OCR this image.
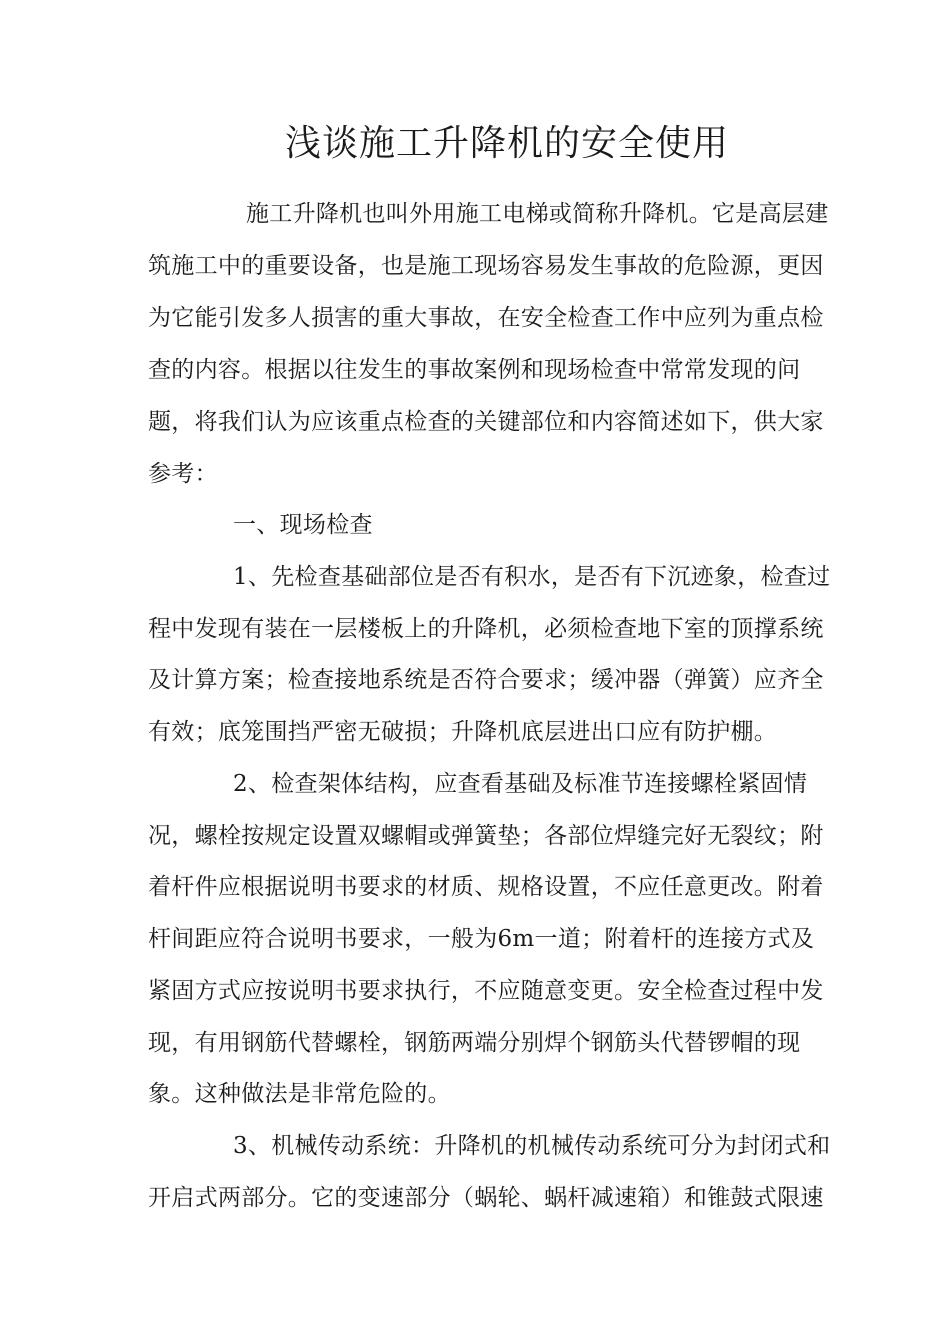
浅谈施工升降机的安全使用
施工升降机也叫外用施工电梯或简称升降机。它是高层建
筑施工中的重要设备，也是施工现场容易发生事故的危险源，更因
为它能引发多人损害的重大事故，在安全检查工作中应列为重点检
查的内容。根据以往发生的事故案例和现场检查中常常发现的问
题，将我们认为应该重点检查的关键部位和内容简述如下，供大家
参考：
一、现场检查
1、先检查基础部位是否有积水，是否有下沉迹象，检查过
程中发现有装在一层楼板上的升降机，必须检查地下室的顶撑系统
及计算方案；检查接地系统是否符合要求；缓冲器（弹簧）应齐全
有效；底笼围挡严密无破损；升降机底层进出口应有防护棚。
2、检查架体结构，应查看基础及标准节连接螺栓紧固情
况，螺栓按规定设置双螺帽或弹簧垫；各部位焊缝完好无裂纹；附
着杆件应根据说明书要求的材质、规格设置，不应任意更改。附着
杆间距应符合说明书要求，一般为6m一道；附着杆的连接方式及
紧固方式应按说明书要求执行，不应随意变更。安全检查过程中发
现，有用钢筋代替螺栓，钢筋两端分别焊个钢筋头代替锣帽的现
象。这种做法是非常危险的。
3、机械传动系统：升降机的机械传动系统可分为封闭式和
开启式两部分。它的变速部分（蜗轮、蜗杆减速箱）和锥鼓式限速
